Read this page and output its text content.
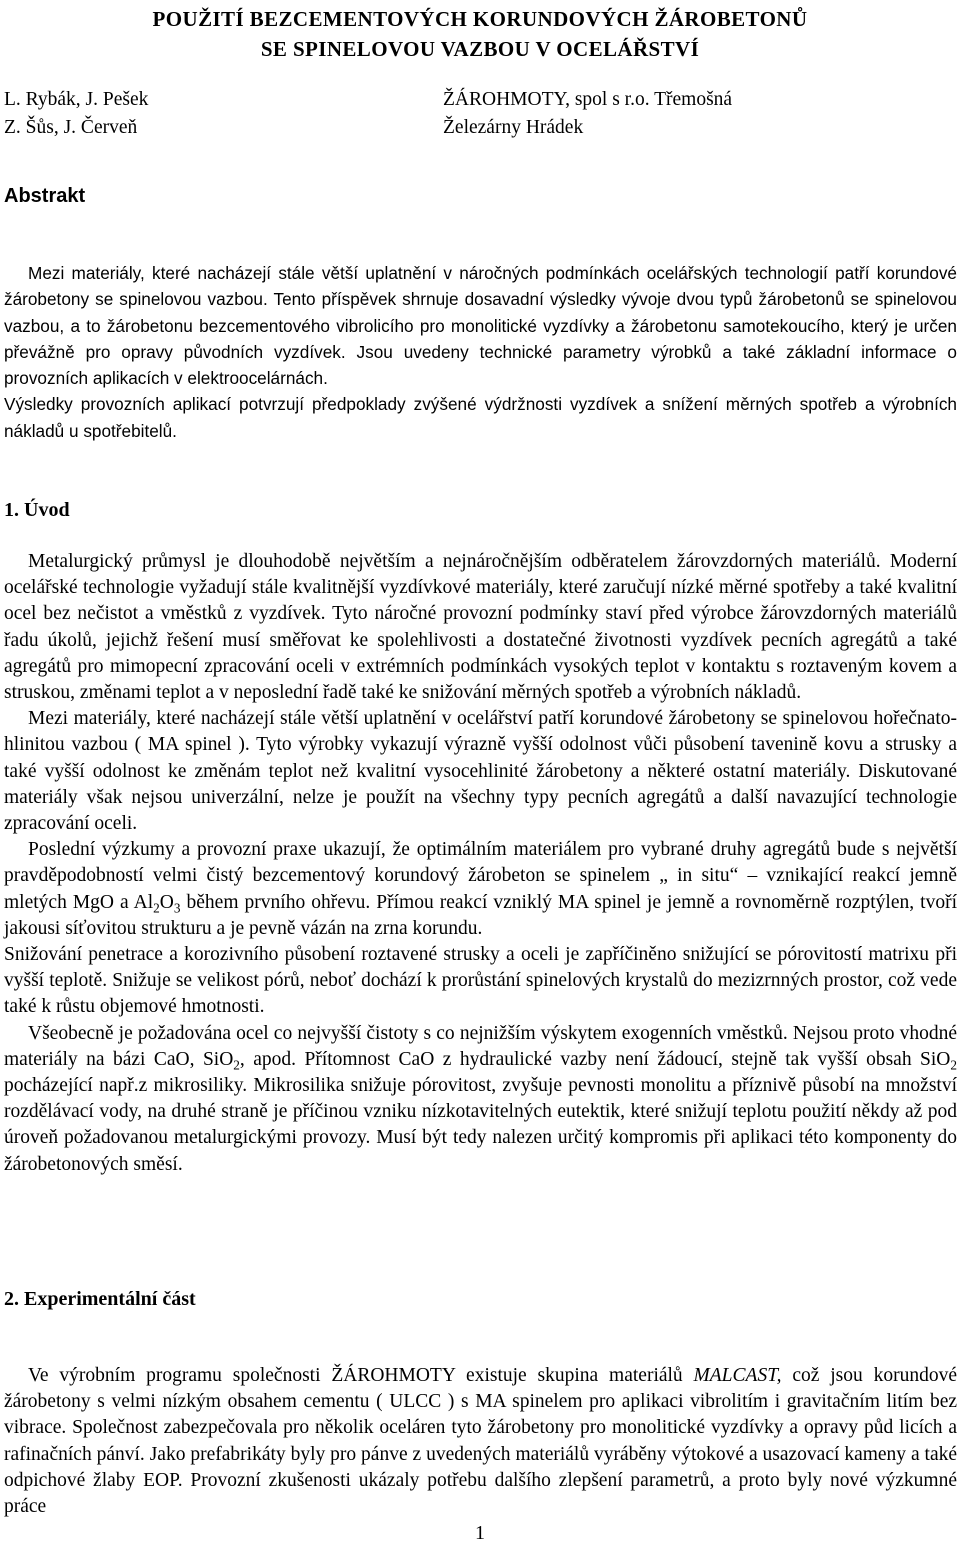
POUŽITÍ BEZCEMENTOVÝCH KORUNDOVÝCH ŽÁROBETONŮ
SE SPINELOVOU VAZBOU V OCELÁŘSTVÍ
L. Rybák, J. Pešek
Z. Šůs, J. Červeň
ŽÁROHMOTY, spol s r.o. Třemošná
Železárny Hrádek
Abstrakt

Mezi materiály, které nacházejí stále větší uplatnění v náročných podmínkách ocelářských technologií patří korundové žárobetony se spinelovou vazbou. Tento příspěvek shrnuje dosavadní výsledky vývoje dvou typů žárobetonů se spinelovou vazbou, a to žárobetonu bezcementového vibrolicího pro monolitické vyzdívky a žárobetonu samotekoucího, který je určen převážně pro opravy původních vyzdívek. Jsou uvedeny technické parametry výrobků a také základní informace o provozních aplikacích v elektroocelárnách.

Výsledky provozních aplikací potvrzují předpoklady zvýšené výdržnosti vyzdívek a snížení měrných spotřeb a výrobních nákladů u spotřebitelů.

1. Úvod

Metalurgický průmysl je dlouhodobě největším a nejnáročnějším odběratelem žárovzdorných materiálů. Moderní ocelářské technologie vyžadují stále kvalitnější vyzdívkové materiály, které zaručují nízké měrné spotřeby a také kvalitní ocel bez nečistot a vměstků z vyzdívek. Tyto náročné provozní podmínky staví před výrobce žárovzdorných materiálů řadu úkolů, jejichž řešení musí směřovat ke spolehlivosti a dostatečné životnosti vyzdívek pecních agregátů a také agregátů pro mimopecní zpracování oceli v extrémních podmínkách vysokých teplot v kontaktu s roztaveným kovem a struskou, změnami teplot a v neposlední řadě také ke snižování měrných spotřeb a výrobních nákladů.

Mezi materiály, které nacházejí stále větší uplatnění v ocelářství patří korundové žárobetony se spinelovou hořečnato-hlinitou vazbou ( MA spinel ). Tyto výrobky vykazují výrazně vyšší odolnost vůči působení tavenině kovu a strusky a také vyšší odolnost ke změnám teplot než kvalitní vysocehlinité žárobetony a některé ostatní materiály. Diskutované materiály však nejsou univerzální, nelze je použít na všechny typy pecních agregátů a další navazující technologie zpracování oceli.

Poslední výzkumy a provozní praxe ukazují, že optimálním materiálem pro vybrané druhy agregátů bude s největší pravděpodobností velmi čistý bezcementový korundový žárobeton se spinelem „ in situ“ – vznikající reakcí jemně mletých MgO a $Al_2O_3$ během prvního ohřevu. Přímou reakcí vzniklý MA spinel je jemně a rovnoměrně rozptýlen, tvoří jakousi síťovitou strukturu a je pevně vázán na zrna korundu.

Snižování penetrace a korozivního působení roztavené strusky a oceli je zapříčiněno snižující se pórovitostí matrixu při vyšší teplotě. Snižuje se velikost pórů, neboť dochází k prorůstání spinelových krystalů do mezizrnných prostor, což vede také k růstu objemové hmotnosti.

Všeobecně je požadována ocel co nejvyšší čistoty s co nejnižším výskytem exogenních vměstků. Nejsou proto vhodné materiály na bázi CaO, SiO$_2$, apod. Přítomnost CaO z hydraulické vazby není žádoucí, stejně tak vyšší obsah SiO$_2$ pocházející např.z mikrosiliky. Mikrosilika snižuje pórovitost, zvyšuje pevnosti monolitu a příznivě působí na množství rozdělávací vody, na druhé straně je příčinou vzniku nízkotavitelných eutektik, které snižují teplotu použití někdy až pod úroveň požadovanou metalurgickými provozy. Musí být tedy nalezen určitý kompromis při aplikaci této komponenty do žárobetonových směsí.

2. Experimentální část

Ve výrobním programu společnosti ŽÁROHMOTY existuje skupina materiálů MALCAST, což jsou korundové žárobetony s velmi nízkým obsahem cementu ( ULCC ) s MA spinelem pro aplikaci vibrolitím i gravitačním litím bez vibrace. Společnost zabezpečovala pro několik oceláren tyto žárobetony pro monolitické vyzdívky a opravy půd licích a rafinačních pánví. Jako prefabrikáty byly pro pánve z uvedených materiálů vyráběny výtokové a usazovací kameny a také odpichové žlaby EOP. Provozní zkušenosti ukázaly potřebu dalšího zlepšení parametrů, a proto byly nové výzkumné práce

1
